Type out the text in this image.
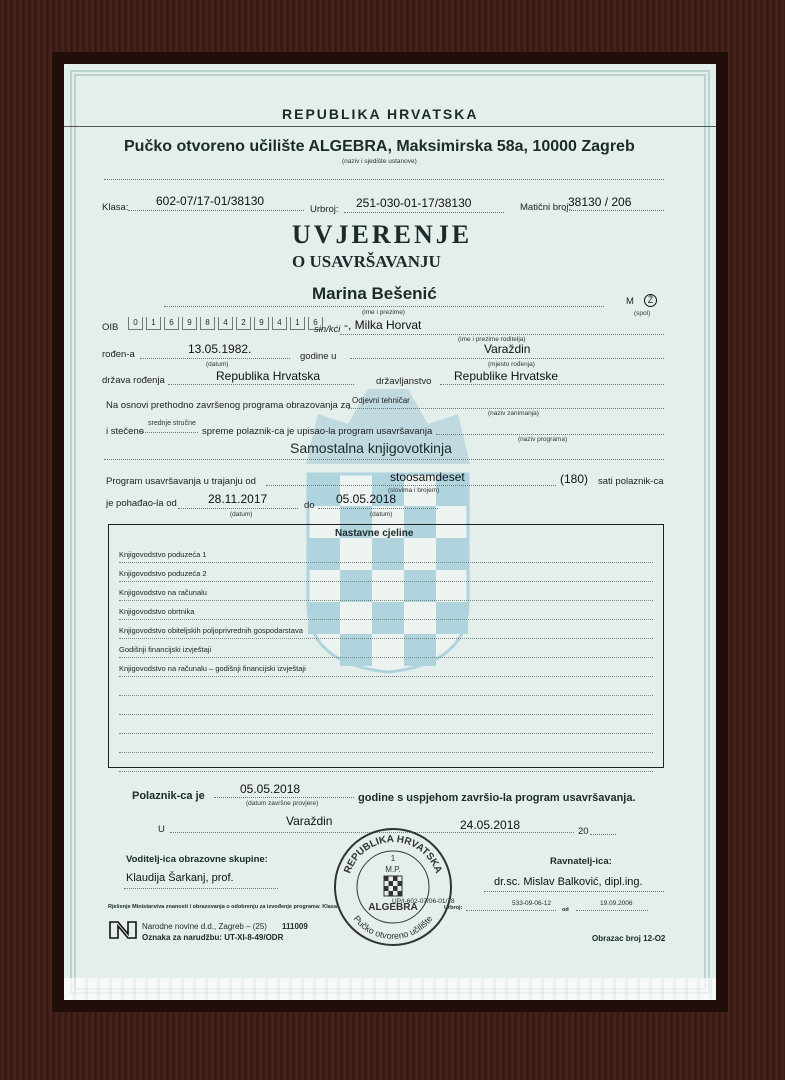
REPUBLIKA HRVATSKA
Pučko otvoreno učilište ALGEBRA, Maksimirska 58a, 10000 Zagreb
(naziv i sjedište ustanove)
Klasa: 602-07/17-01/38130
Urbroj: 251-030-01-17/38130	Matični broj:
38130 / 206
UVJERENJE
O USAVRŠAVANJU
Marina Bešenić
(ime i prezime)
M	Ž
(spol)
OIB	0	1	6	9	8	4	2	9	4	1	6
sin/kći -, Milka Horvat
(ime i prezime roditelja)
rođen-a	13.05.1982.
(datum)
godine u
Varaždin
(mjesto rođenja)
država rođenja	Republika Hrvatska	državljanstvo Republike Hrvatske
Na osnovi prethodno završenog programa obrazovanja za Odjevni tehničar
(naziv zanimanja)
i stečene
srednje stručne
spreme polaznik-ca je upisao-la program usavršavanja
(naziv programa)
Samostalna knjigovotkinja
Program usavršavanja u trajanju od	stoosamdeset
(slovima i brojem)
(180) sati polaznik-ca
je pohađao-la od	28.11.2017
(datum)
do 05.05.2018
(datum)
Nastavne cjeline
Knjigovodstvo poduzeća 1
Knjigovodstvo poduzeća 2
Knjigovodstvo na računalu
Knjigovodstvo obrtnika
Knjigovodstvo obiteljskih poljoprivrednih gospodarstava
Godišnji financijski izvještaji
Knjigovodstvo na računalu – godišnji financijski izvještaji
Polaznik-ca je	05.05.2018
(datum završne provjere)	godine s uspjehom završio-la program usavršavanja.
U
Varaždin	24.05.2018	20
Voditelj-ica obrazovne skupine:
Klaudija Šarkanj, prof.
Ravnatelj-ica:
dr.sc. Mislav Balković, dipl.ing.
Rješenje Ministarstva znanosti i obrazovanja o odobrenju za izvođenje programa: Klasa:
UP/I-602-07/06-01/78
Urbroj:
533-09-06-12
od
19.09.2006
Narodne novine d.d., Zagreb – (25) 111009
Oznaka za narudžbu: UT-XI-8-49/ODR	Obrazac broj 12-O2
REPUBLIKA HRVATSKA
Pučko otvoreno učilište
1
M.P.
ALGEBRA
